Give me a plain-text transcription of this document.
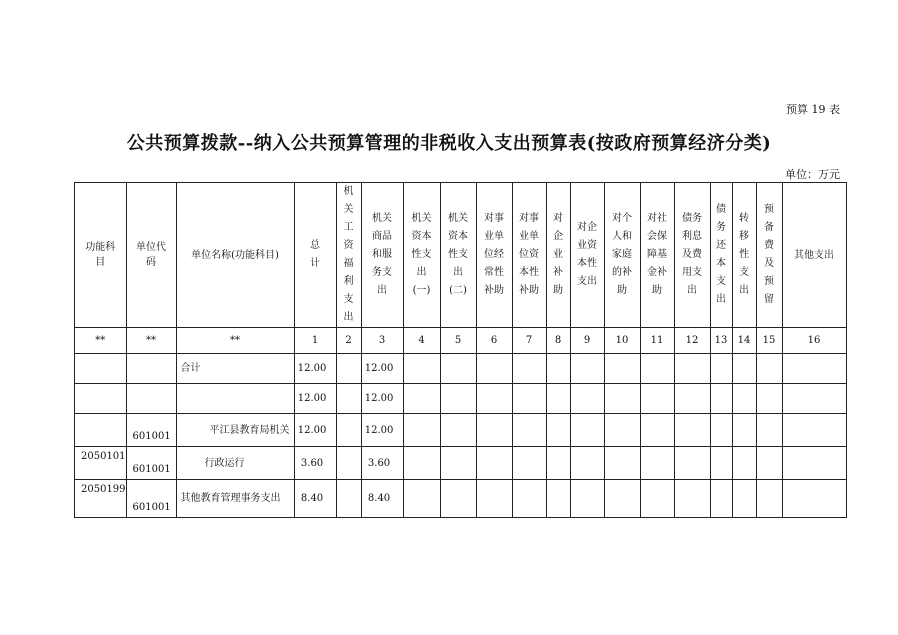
预算 19 表
公共预算拨款--纳入公共预算管理的非税收入支出预算表(按政府预算经济分类)
单位：万元
功能科目	单位代码	单位名称(功能科目)	总计	机关工资福利支出	机关商品和服务支出	机关资本性支出(一)	机关资本性支出(二)	对事业单位经常性补助	对事业单位资本性补助	对企业补助	对企业资本性支出	对个人和家庭的补助	对社会保障基金补助	债务利息及费用支出	债务还本支出	转移性支出	预备费及预留	其他支出
**	**	**	1	2	3	4	5	6	7	8	9	10	11	12	13	14	15	16
		合计	12.00		12.00													
			12.00		12.00													
	601001	平江县教育局机关	12.00		12.00													
2050101	601001	行政运行	3.60		3.60													
2050199	601001	其他教育管理事务支出	8.40		8.40													
